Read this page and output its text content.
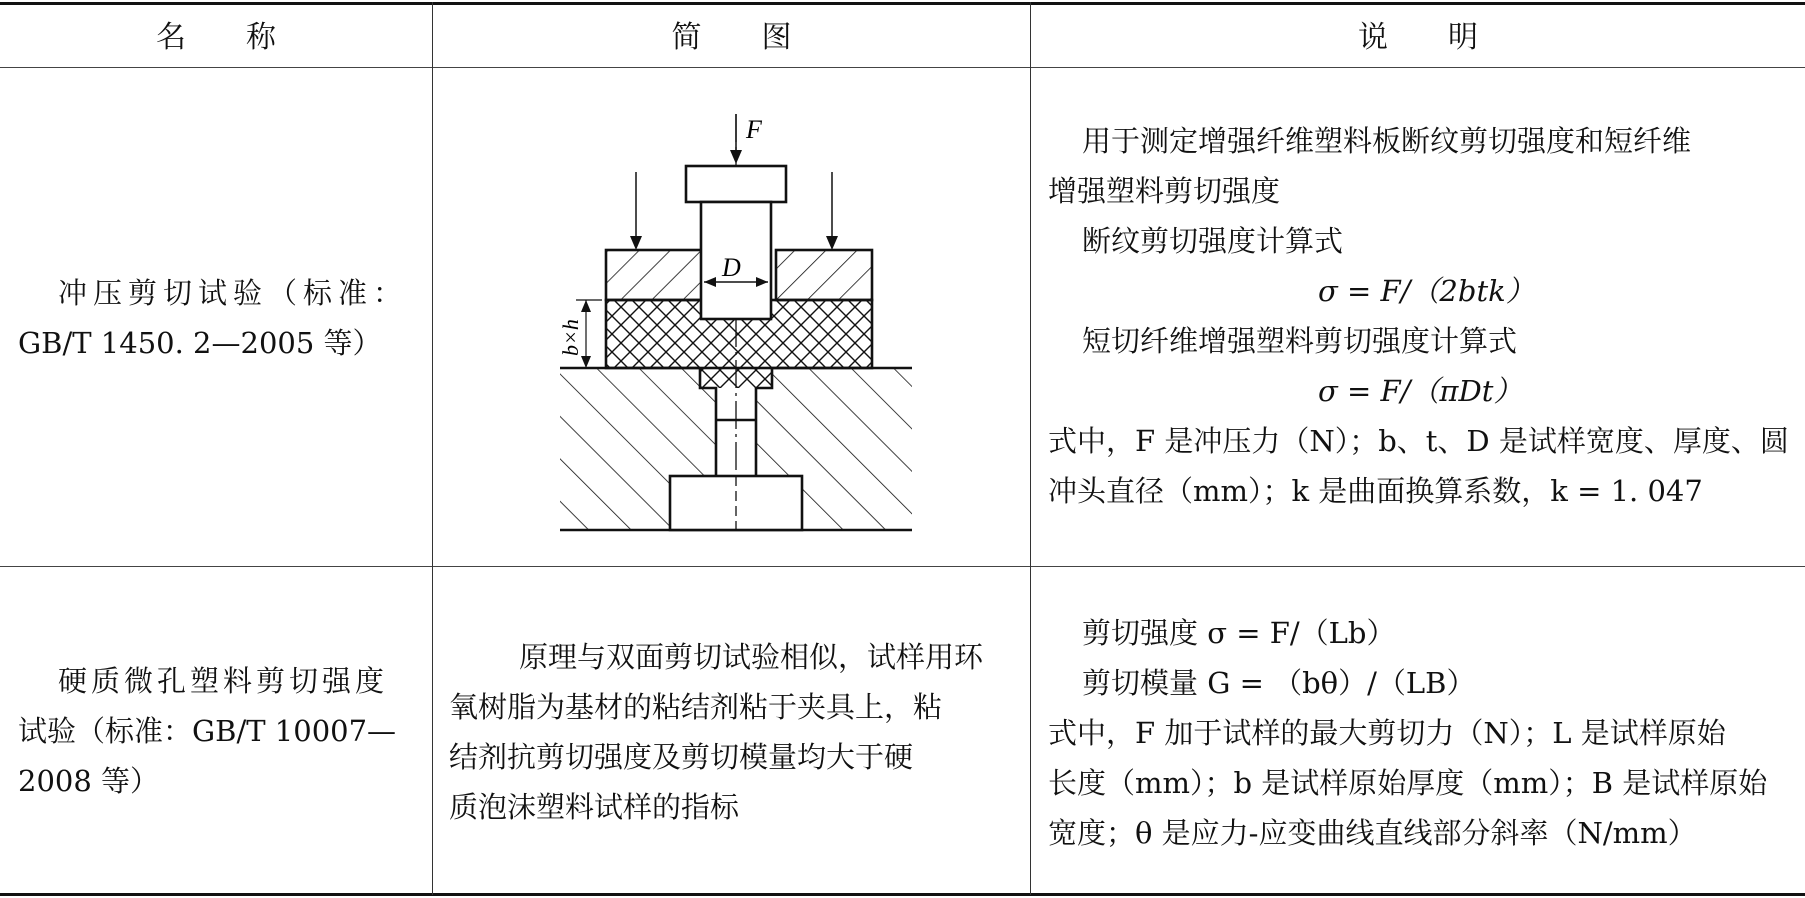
名　　称	简　　图	说　　明
冲压剪切试验（标准：
GB/T 1450. 2—2005 等）
F
D
b×h
用于测定增强纤维塑料板断纹剪切强度和短纤维
增强塑料剪切强度
断纹剪切强度计算式
σ = F/（2btk）
短切纤维增强塑料剪切强度计算式
σ = F/（πDt）
式中，F 是冲压力（N）；b、t、D 是试样宽度、厚度、圆
冲头直径（mm）；k 是曲面换算系数，k = 1. 047
硬质微孔塑料剪切强度
试验（标准：GB/T 10007—
2008 等）
原理与双面剪切试验相似，试样用环
氧树脂为基材的粘结剂粘于夹具上，粘
结剂抗剪切强度及剪切模量均大于硬
质泡沫塑料试样的指标
剪切强度 σ = F/（Lb）
剪切模量 G = （bθ）/（LB）
式中，F 加于试样的最大剪切力（N）；L 是试样原始
长度（mm）；b 是试样原始厚度（mm）；B 是试样原始
宽度；θ 是应力-应变曲线直线部分斜率（N/mm）
